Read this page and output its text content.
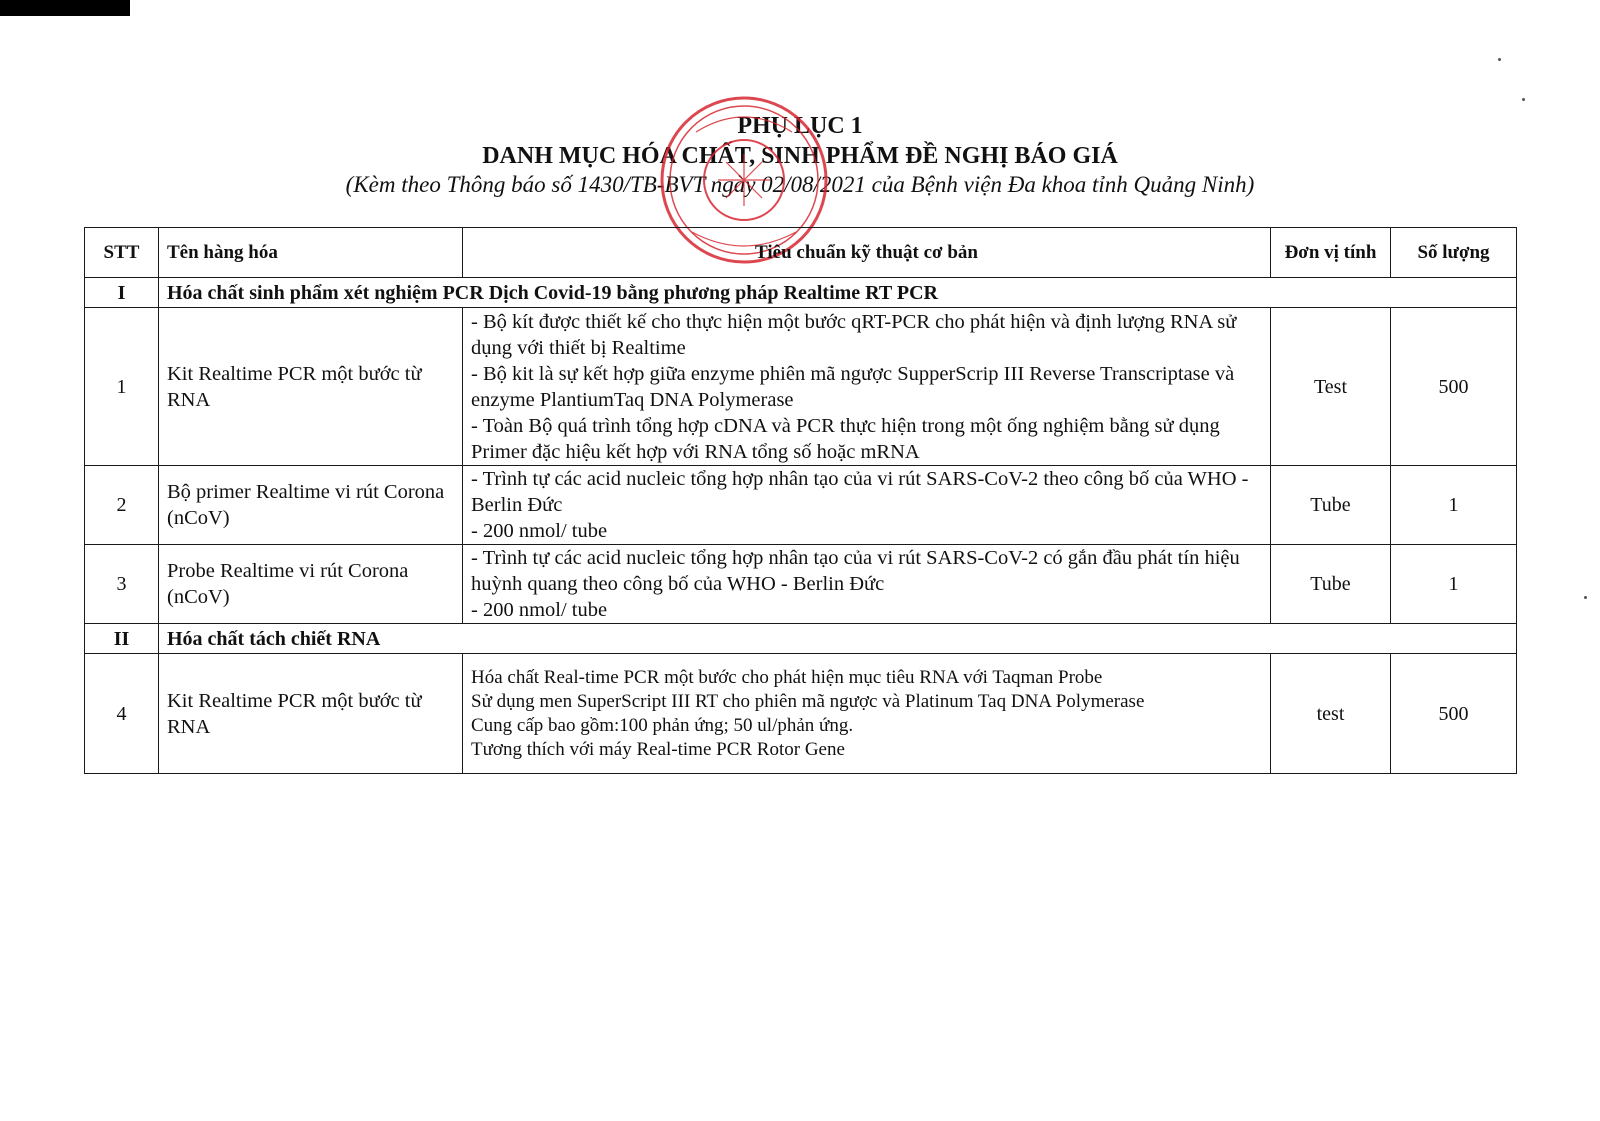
PHỤ LỤC 1
DANH MỤC HÓA CHẤT, SINH PHẨM ĐỀ NGHỊ BÁO GIÁ
(Kèm theo Thông báo số 1430/TB-BVT ngày 02/08/2021 của Bệnh viện Đa khoa tỉnh Quảng Ninh)
STT	Tên hàng hóa	Tiêu chuẩn kỹ thuật cơ bản	Đơn vị tính	Số lượng
I	Hóa chất sinh phẩm xét nghiệm PCR Dịch Covid-19 bằng phương pháp Realtime RT PCR			
1	Kit Realtime PCR một bước từ RNA	- Bộ kít được thiết kế cho thực hiện một bước qRT-PCR cho phát hiện và định lượng RNA sử dụng với thiết bị Realtime
- Bộ kit là sự kết hợp giữa enzyme phiên mã ngược SupperScrip III Reverse Transcriptase và enzyme PlantiumTaq DNA Polymerase
- Toàn Bộ quá trình tổng hợp cDNA và PCR thực hiện trong một ống nghiệm bằng sử dụng Primer đặc hiệu kết hợp với RNA tổng số hoặc mRNA	Test	500
2	Bộ primer Realtime vi rút Corona (nCoV)	- Trình tự các acid nucleic tổng hợp nhân tạo của vi rút SARS-CoV-2 theo công bố của WHO - Berlin Đức
- 200 nmol/ tube	Tube	1
3	Probe Realtime vi rút Corona (nCoV)	- Trình tự các acid nucleic tổng hợp nhân tạo của vi rút SARS-CoV-2 có gắn đầu phát tín hiệu huỳnh quang theo công bố của WHO - Berlin Đức
- 200 nmol/ tube	Tube	1
II	Hóa chất tách chiết RNA			
4	Kit Realtime PCR một bước từ RNA	Hóa chất Real-time PCR một bước cho phát hiện mục tiêu RNA với Taqman Probe
Sử dụng men SuperScript III RT cho phiên mã ngược và Platinum Taq DNA Polymerase
Cung cấp bao gồm:100 phản ứng; 50 ul/phản ứng.
Tương thích với máy Real-time PCR Rotor Gene	test	500
